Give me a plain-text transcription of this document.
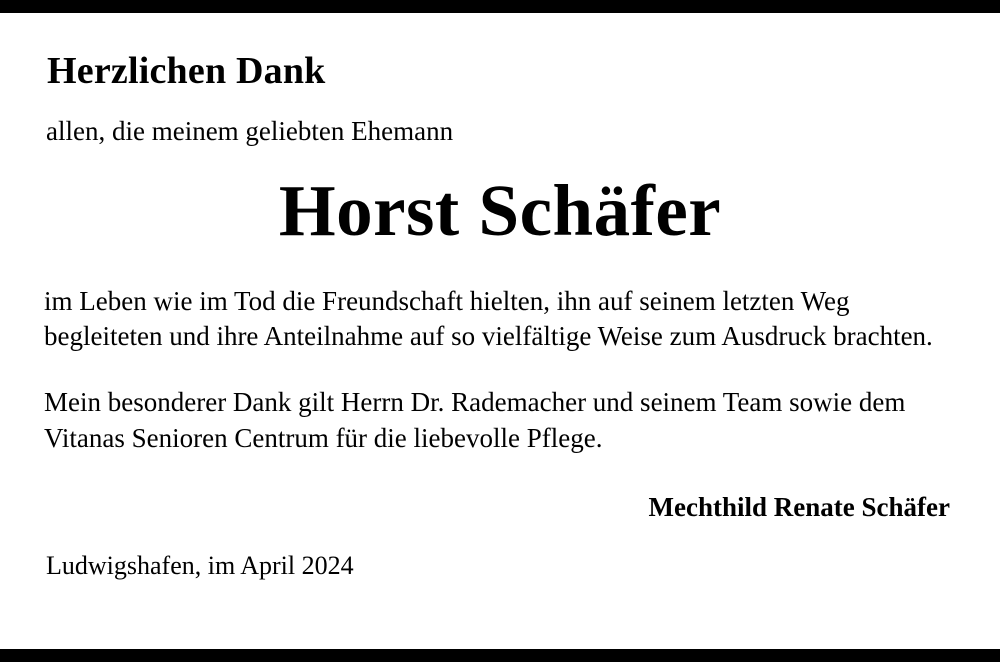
Herzlichen Dank
allen, die meinem geliebten Ehemann
Horst Schäfer
im Leben wie im Tod die Freundschaft hielten, ihn auf seinem letzten Weg begleiteten und ihre Anteilnahme auf so vielfältige Weise zum Ausdruck brachten.
Mein besonderer Dank gilt Herrn Dr. Rademacher und seinem Team sowie dem Vitanas Senioren Centrum für die liebevolle Pflege.
Mechthild Renate Schäfer
Ludwigshafen, im April 2024
